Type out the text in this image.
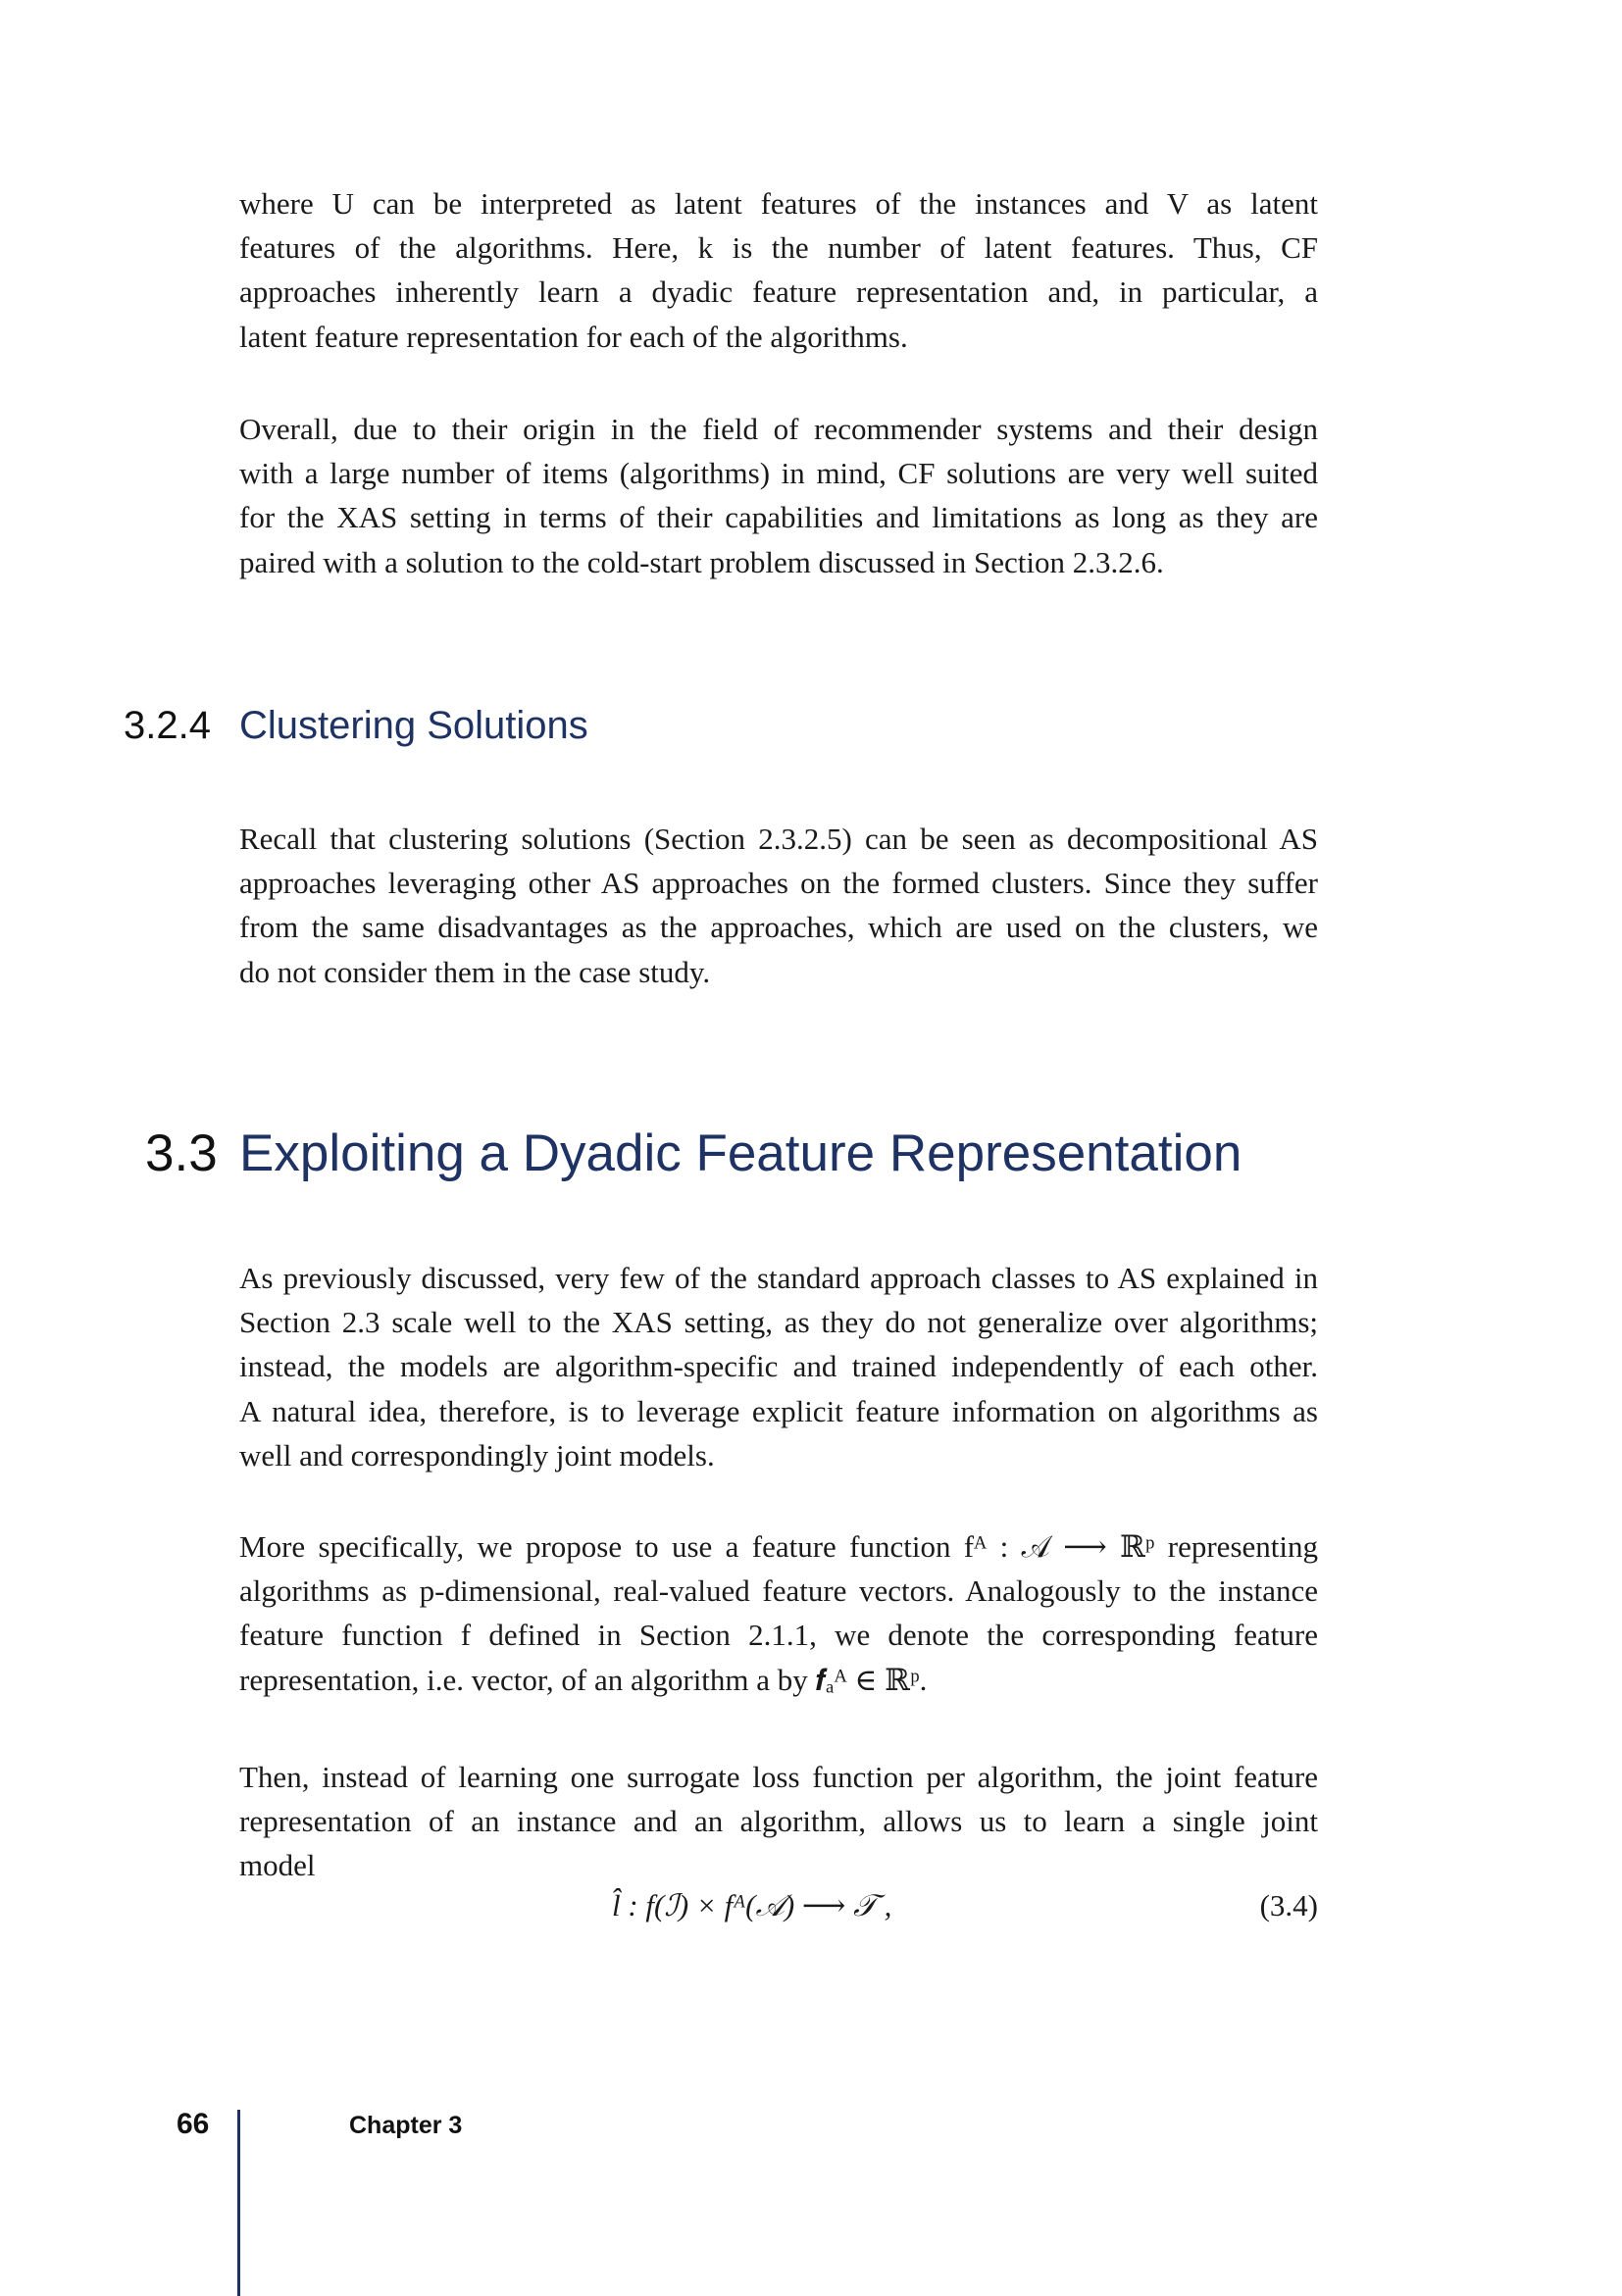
where U can be interpreted as latent features of the instances and V as latent
features of the algorithms. Here, k is the number of latent features. Thus, CF
approaches inherently learn a dyadic feature representation and, in particular, a
latent feature representation for each of the algorithms.
Overall, due to their origin in the field of recommender systems and their design
with a large number of items (algorithms) in mind, CF solutions are very well suited
for the XAS setting in terms of their capabilities and limitations as long as they are
paired with a solution to the cold-start problem discussed in Section 2.3.2.6.
3.2.4 Clustering Solutions
Recall that clustering solutions (Section 2.3.2.5) can be seen as decompositional AS
approaches leveraging other AS approaches on the formed clusters. Since they suffer
from the same disadvantages as the approaches, which are used on the clusters, we
do not consider them in the case study.
3.3 Exploiting a Dyadic Feature Representation
As previously discussed, very few of the standard approach classes to AS explained in
Section 2.3 scale well to the XAS setting, as they do not generalize over algorithms;
instead, the models are algorithm-specific and trained independently of each other.
A natural idea, therefore, is to leverage explicit feature information on algorithms as
well and correspondingly joint models.
More specifically, we propose to use a feature function fᴬ : 𝒜 ⟶ ℝᵖ representing
algorithms as p-dimensional, real-valued feature vectors. Analogously to the instance
feature function f defined in Section 2.1.1, we denote the corresponding feature
representation, i.e. vector, of an algorithm a by 𝒇ₐᴬ ∈ ℝᵖ.
Then, instead of learning one surrogate loss function per algorithm, the joint feature
representation of an instance and an algorithm, allows us to learn a single joint
model
l̂ : f(ℐ) × fᴬ(𝒜) ⟶ 𝒯 ,	(3.4)
66	Chapter 3
